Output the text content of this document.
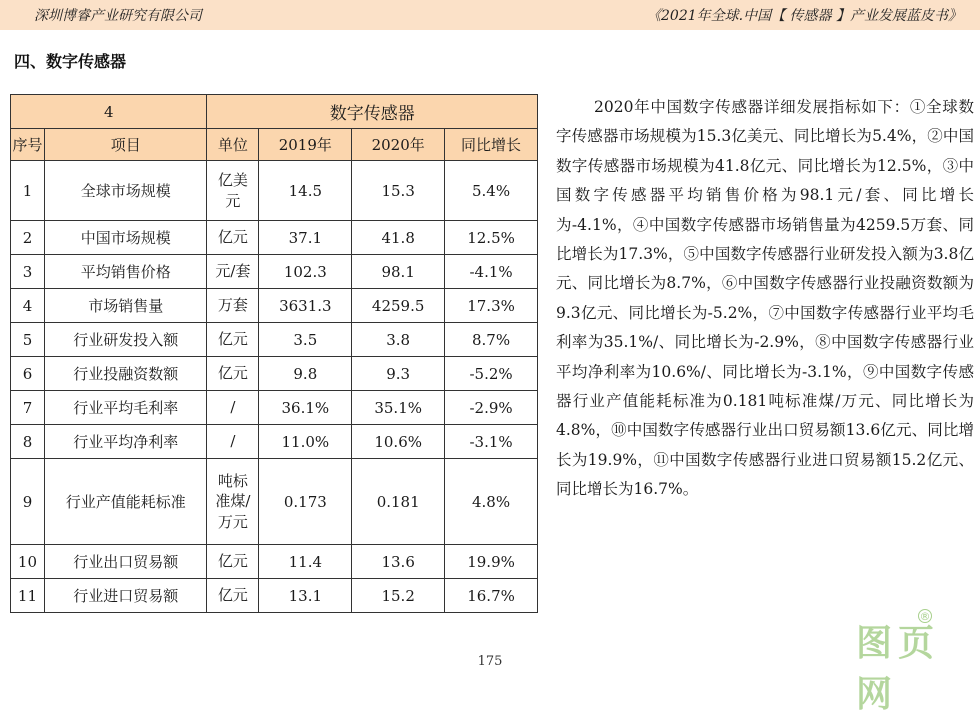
深圳博睿产业研究有限公司	《2021年全球.中国【 传感器 】产业发展蓝皮书》
四、数字传感器
4		数字传感器			
序号	项目	单位	2019年	2020年	同比增长
1	全球市场规模	亿美元	14.5	15.3	5.4%
2	中国市场规模	亿元	37.1	41.8	12.5%
3	平均销售价格	元/套	102.3	98.1	-4.1%
4	市场销售量	万套	3631.3	4259.5	17.3%
5	行业研发投入额	亿元	3.5	3.8	8.7%
6	行业投融资数额	亿元	9.8	9.3	-5.2%
7	行业平均毛利率	/	36.1%	35.1%	-2.9%
8	行业平均净利率	/	11.0%	10.6%	-3.1%
9	行业产值能耗标准	吨标准煤/万元	0.173	0.181	4.8%
10	行业出口贸易额	亿元	11.4	13.6	19.9%
11	行业进口贸易额	亿元	13.1	15.2	16.7%
2020年中国数字传感器详细发展指标如下：①全球数字传感器市场规模为15.3亿美元、同比增长为5.4%，②中国数字传感器市场规模为41.8亿元、同比增长为12.5%，③中国数字传感器平均销售价格为98.1元/套、同比增长为-4.1%，④中国数字传感器市场销售量为4259.5万套、同比增长为17.3%，⑤中国数字传感器行业研发投入额为3.8亿元、同比增长为8.7%，⑥中国数字传感器行业投融资数额为9.3亿元、同比增长为-5.2%，⑦中国数字传感器行业平均毛利率为35.1%/、同比增长为-2.9%，⑧中国数字传感器行业平均净利率为10.6%/、同比增长为-3.1%，⑨中国数字传感器行业产值能耗标准为0.181吨标准煤/万元、同比增长为4.8%，⑩中国数字传感器行业出口贸易额13.6亿元、同比增长为19.9%，⑪中国数字传感器行业进口贸易额15.2亿元、同比增长为16.7%。
175	图页网
®
